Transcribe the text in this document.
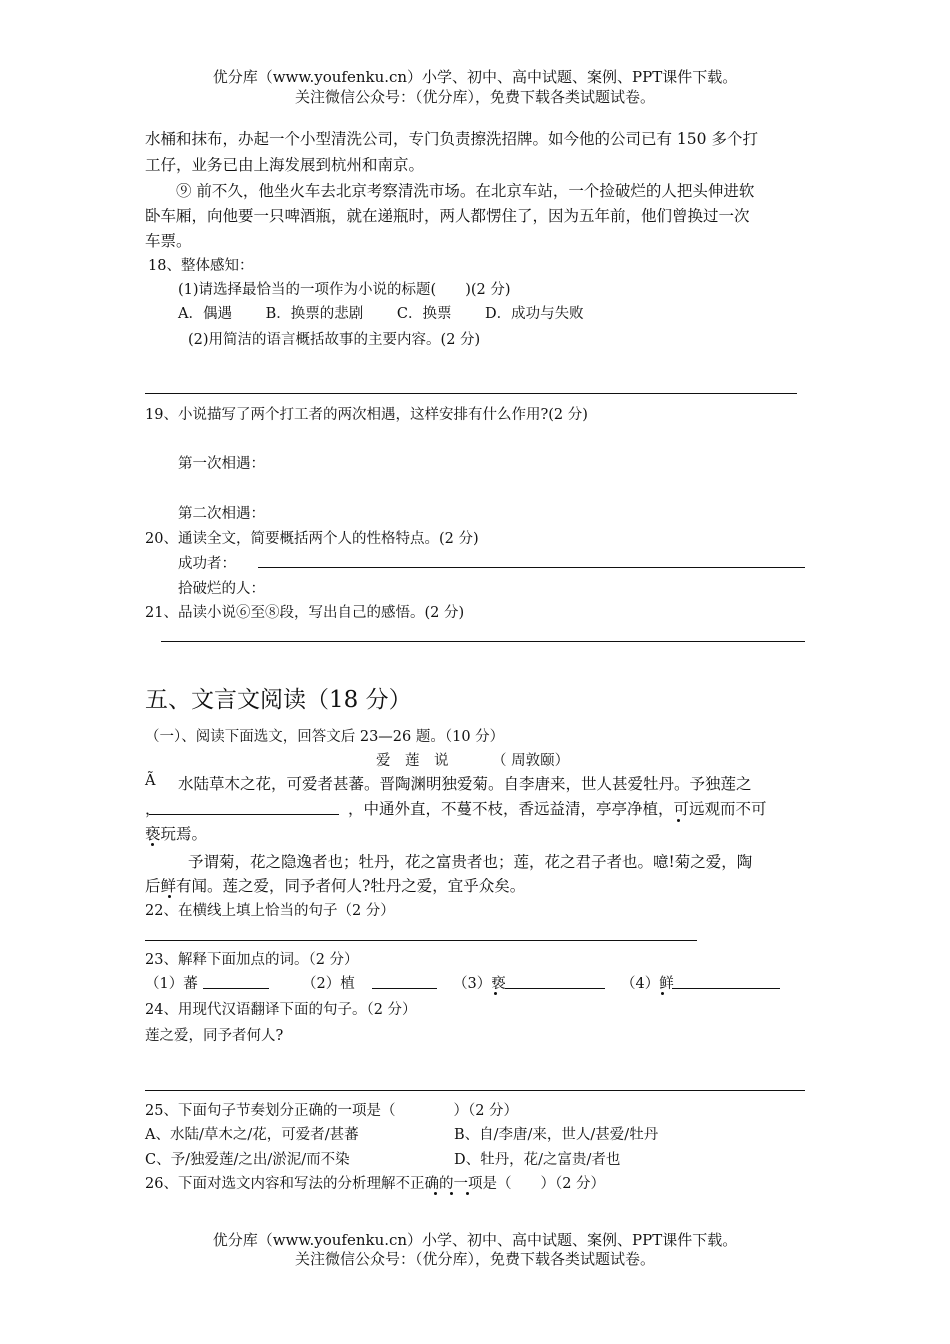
优分库（www.youfenku.cn）小学、初中、高中试题、案例、PPT课件下载。
关注微信公众号：（优分库），免费下载各类试题试卷。
水桶和抹布，办起一个小型清洗公司，专门负责擦洗招牌。如今他的公司已有 150 多个打
工仔，业务已由上海发展到杭州和南京。
⑨ 前不久，他坐火车去北京考察清洗市场。在北京车站，一个捡破烂的人把头伸进软
卧车厢，向他要一只啤酒瓶，就在递瓶时，两人都愣住了，因为五年前，他们曾换过一次
车票。
18、整体感知：
(1)请选择最恰当的一项作为小说的标题(　　)(2 分)
A．偶遇　　 B．换票的悲剧　　 C．换票　　 D．成功与失败
(2)用简洁的语言概括故事的主要内容。(2 分)
19、小说描写了两个打工者的两次相遇，这样安排有什么作用?(2 分)
第一次相遇：
第二次相遇：
20、通读全文，简要概括两个人的性格特点。(2 分)
成功者：
拾破烂的人：
21、品读小说⑥至⑧段，写出自己的感悟。(2 分)
五、文言文阅读（18 分）
（一）、阅读下面选文，回答文后 23—26 题。（10 分）
爱　莲　说	（ 周敦颐）
Ã 水陆草木之花，可爱者甚蕃。晋陶渊明独爱菊。自李唐来，世人甚爱牡丹。予独莲之
，	，中通外直，不蔓不枝，香远益清，亭亭净植，可远观而不可
亵玩焉。
予谓菊，花之隐逸者也；牡丹，花之富贵者也；莲，花之君子者也。噫!菊之爱，陶
后鲜有闻。莲之爱，同予者何人?牡丹之爱，宜乎众矣。
22、在横线上填上恰当的句子（2 分）
23、解释下面加点的词。（2 分）
（1）蕃	（2）植	（3）亵	（4）鲜
24、用现代汉语翻译下面的句子。（2 分）
莲之爱，同予者何人?
25、下面句子节奏划分正确的一项是（　　　　）（2 分）
A、水陆/草木之/花，可爱者/甚蕃	B、自/李唐/来，世人/甚爱/牡丹
C、予/独爱莲/之出/淤泥/而不染	D、牡丹，花/之富贵/者也
26、下面对选文内容和写法的分析理解不正确的一项是（　　）（2 分）
优分库（www.youfenku.cn）小学、初中、高中试题、案例、PPT课件下载。
关注微信公众号：（优分库），免费下载各类试题试卷。
